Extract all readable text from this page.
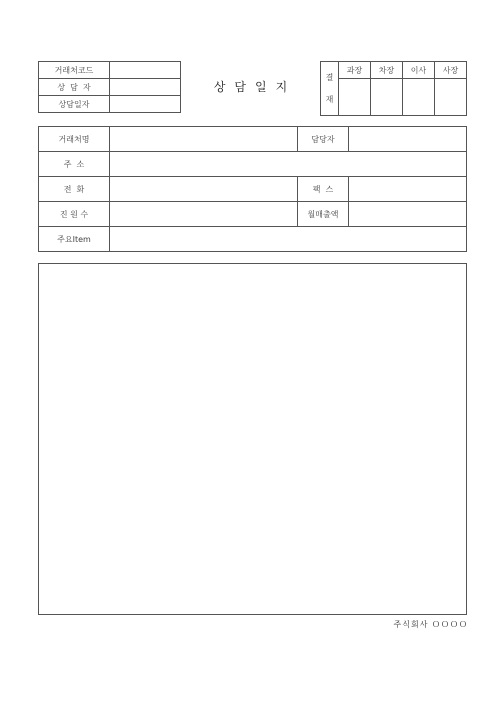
거래처코드	
상  담  자	
상담일자	
상담일지
결
재	과장	차장	이사	사장

거래처명		담당자	
주  소			
전  화		팩  스	
진 원 수		월매출액	
주요Item			
주식회사 ＯＯＯＯ
